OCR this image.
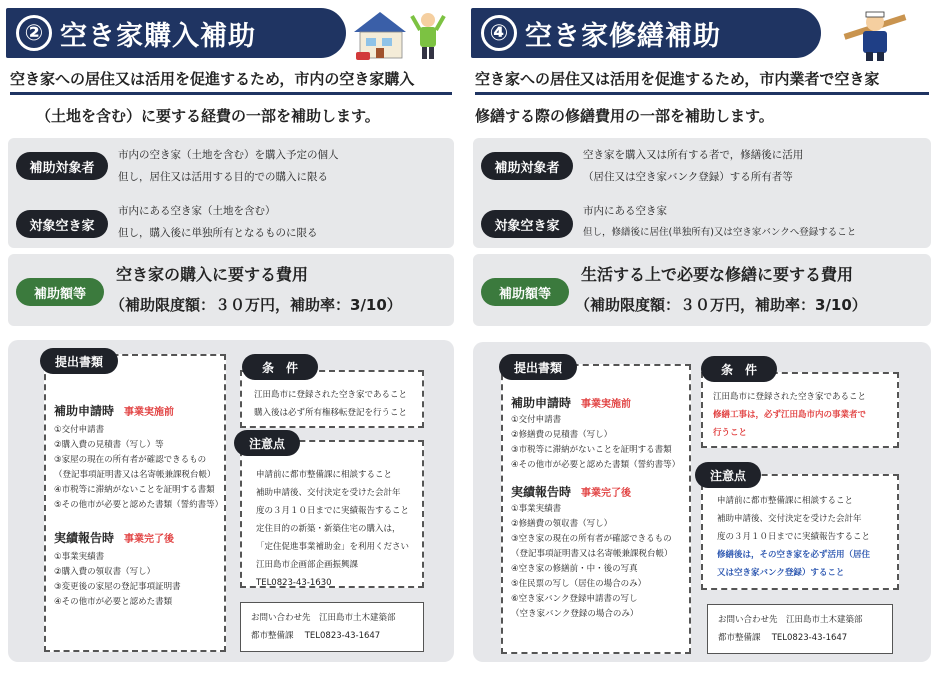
② 空き家購入補助
空き家への居住又は活用を促進するため，市内の空き家購入
（土地を含む）に要する経費の一部を補助します。
補助対象者
市内の空き家（土地を含む）を購入予定の個人
但し，居住又は活用する目的での購入に限る
対象空き家
市内にある空き家（土地を含む）
但し，購入後に単独所有となるものに限る
補助額等
空き家の購入に要する費用
（補助限度額：３０万円，補助率：3/10）
補助申請時 事業実施前
①交付申請書
②購入費の見積書（写し）等
③家屋の現在の所有者が確認できるもの
（登記事項証明書又は名寄帳兼課税台帳）
④市税等に滞納がないことを証明する書類
⑤その他市が必要と認めた書類（誓約書等）
実績報告時 事業完了後
①事業実績書
②購入費の領収書（写し）
③変更後の家屋の登記事項証明書
④その他市が必要と認めた書類
提出書類
江田島市に登録された空き家であること
購入後は必ず所有権移転登記を行うこと
条　件
申請前に都市整備課に相談すること
補助申請後、交付決定を受けた会計年
度の３月１０日までに実績報告すること
定住目的の新築・新築住宅の購入は，
「定住促進事業補助金」を利用ください
江田島市企画部企画振興課
TEL0823-43-1630
注意点
お問い合わせ先　江田島市土木建築部
都市整備課　 TEL0823-43-1647
④ 空き家修繕補助
空き家への居住又は活用を促進するため，市内業者で空き家
修繕する際の修繕費用の一部を補助します。
補助対象者
空き家を購入又は所有する者で，修繕後に活用
（居住又は空き家バンク登録）する所有者等
対象空き家
市内にある空き家
但し，修繕後に居住(単独所有)又は空き家バンクへ登録すること
補助額等
生活する上で必要な修繕に要する費用
（補助限度額：３０万円，補助率：3/10）
補助申請時 事業実施前
①交付申請書
②修繕費の見積書（写し）
③市税等に滞納がないことを証明する書類
④その他市が必要と認めた書類（誓約書等）
実績報告時 事業完了後
①事業実績書
②修繕費の領収書（写し）
③空き家の現在の所有者が確認できるもの
（登記事項証明書又は名寄帳兼課税台帳）
④空き家の修繕前・中・後の写真
⑤住民票の写し（居住の場合のみ）
⑥空き家バンク登録申請書の写し
（空き家バンク登録の場合のみ）
提出書類
江田島市に登録された空き家であること
修繕工事は，必ず江田島市内の事業者で
行うこと
条　件
申請前に都市整備課に相談すること
補助申請後、交付決定を受けた会計年
度の３月１０日までに実績報告すること
修繕後は，その空き家を必ず活用（居住
又は空き家バンク登録）すること
注意点
お問い合わせ先　江田島市土木建築部
都市整備課　 TEL0823-43-1647
